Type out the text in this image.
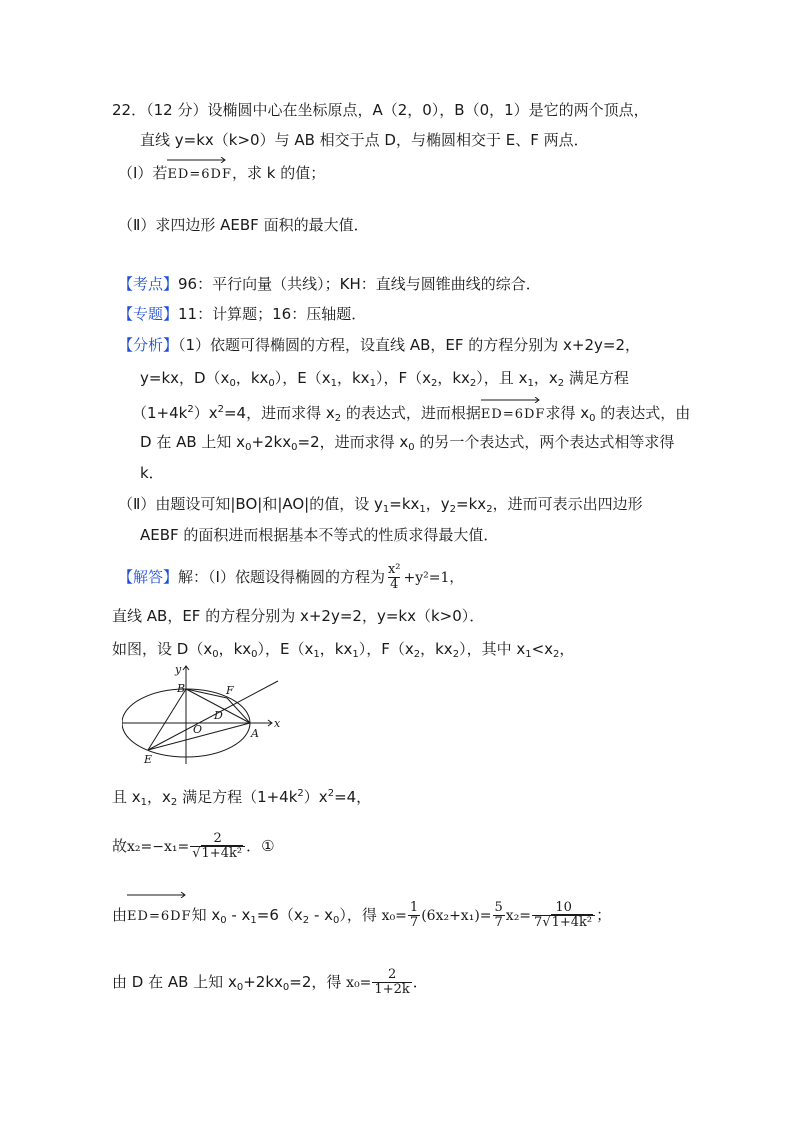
22．（12 分）设椭圆中心在坐标原点，A（2，0），B（0，1）是它的两个顶点，
直线 y=kx（k>0）与 AB 相交于点 D，与椭圆相交于 E、F 两点．
（Ⅰ）若
ED=6DF，求 k 的值；
（Ⅱ）求四边形 AEBF 面积的最大值．
【考点】96：平行向量（共线）；KH：直线与圆锥曲线的综合．
【专题】11：计算题；16：压轴题．
【分析】（1）依题可得椭圆的方程，设直线 AB，EF 的方程分别为 x+2y=2，
y=kx，$D(x_0$，$kx_0$），$E(x_1$，$kx_1$），$F(x_2$，$kx_2$），且 $x_1$，$x_2$ 满足方程
$(1+4k^2)x^2=4$，进而求得 $x_2$ 的表达式，进而根据
ED=6DF求得 $x_0$ 的表达式，由
D 在 AB 上知 $x_0+2kx_0=2$，进而求得 $x_0$ 的另一个表达式，两个表达式相等求得
k．
（Ⅱ）由题设可知|BO|和|AO|的值，设 $y_1=kx_1$，$y_2=kx_2$，进而可表示出四边形
AEBF 的面积进而根据基本不等式的性质求得最大值．
【解答】解：（Ⅰ）依题设得椭圆的方程为 $\frac{\text{x²}}{4} +y^2=1$，
直线 AB，EF 的方程分别为 x+2y=2，y=kx（k>0）．
如图，设 $D(x_0$，$kx_0$），$E(x_1$，$kx_1$），$F(x_2$，$kx_2$），其中 $x_1<x_2$，
y
x
B	F
D
O	A
E
且 $x_1$，$x_2$ 满足方程$(1+4k^2)x^2=4$，
故$x_2=-x_1= \frac{2}{\text{√1+4k²}}$ ．①
由
ED=6DF知 $x_0 - x_1=6(x_2 - x_0)$，得 $x_0= \frac{1}{7} (6x_2+x_1)= \frac{5}{7} x_2= \frac{10}{\text{7√1+4k²}}$ ；
由 D 在 AB 上知 $x_0+2kx_0=2$，得 $x_0= \frac{2}{1+2k}$ ．
